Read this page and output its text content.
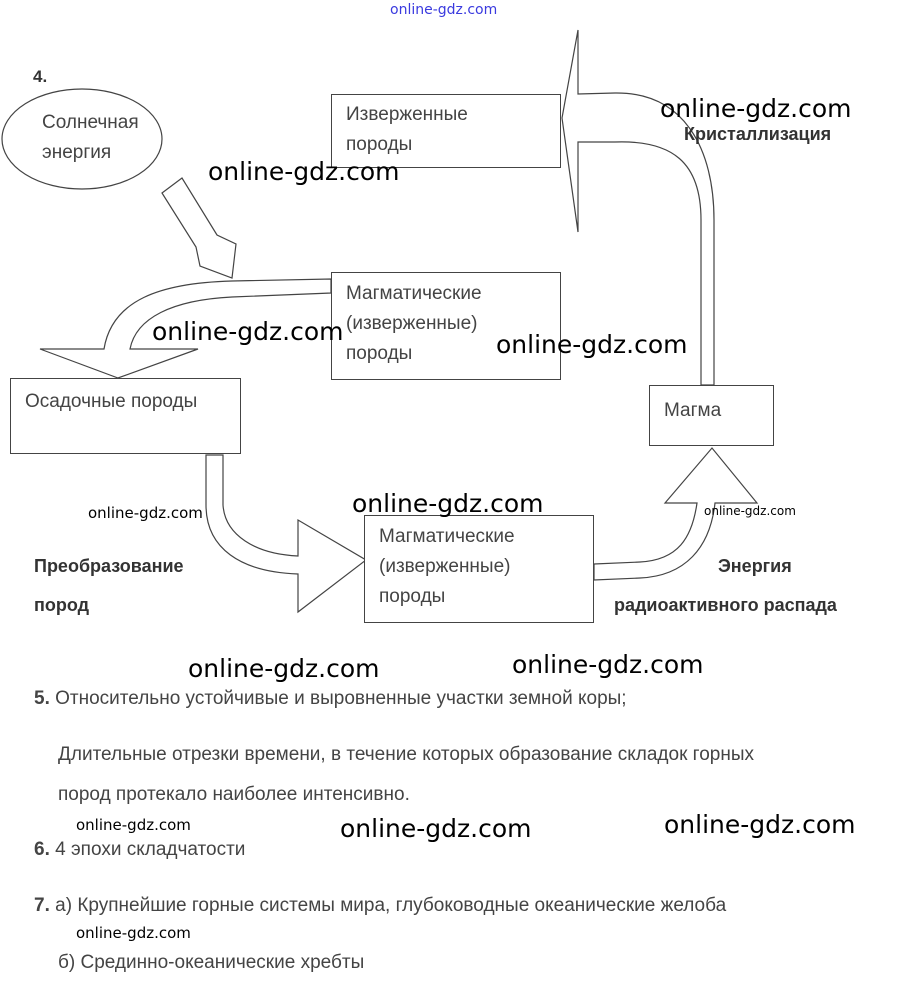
4.
Солнечная
энергия
Изверженные
породы
Магматические
(изверженные)
породы
Осадочные породы	Магма
Магматические
(изверженные)
породы
Кристаллизация
Преобразование
пород
Энергия
радиоактивного распада
5. Относительно устойчивые и выровненные участки земной коры;
Длительные отрезки времени, в течение которых образование складок горных
пород протекало наиболее интенсивно.
6. 4 эпохи складчатости
7. а) Крупнейшие горные системы мира, глубоководные океанические желоба
б) Срединно-океанические хребты
online-gdz.com
online-gdz.com
online-gdz.com
online-gdz.com	online-gdz.com
online-gdz.com
online-gdz.com	online-gdz.com
online-gdz.com	online-gdz.com
online-gdz.com	online-gdz.com	online-gdz.com
online-gdz.com
